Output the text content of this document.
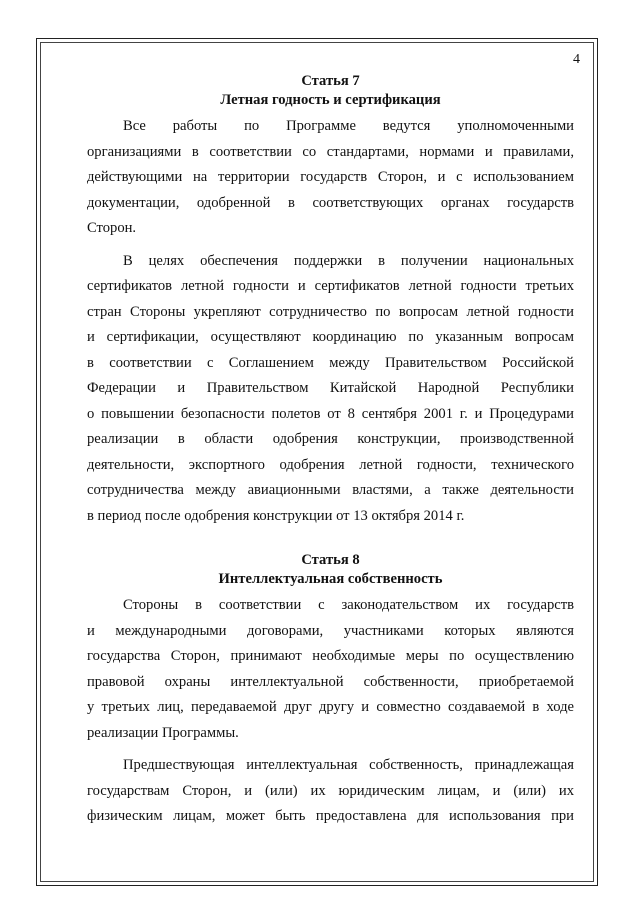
4

Статья 7

Летная годность и сертификация

Все работы по Программе ведутся уполномоченными
организациями в соответствии со стандартами, нормами и правилами,
действующими на территории государств Сторон, и с использованием
документации, одобренной в соответствующих органах государств
Сторон.
В целях обеспечения поддержки в получении национальных
сертификатов летной годности и сертификатов летной годности третьих
стран Стороны укрепляют сотрудничество по вопросам летной годности
и сертификации, осуществляют координацию по указанным вопросам
в соответствии с Соглашением между Правительством Российской
Федерации и Правительством Китайской Народной Республики
о повышении безопасности полетов от 8 сентября 2001 г. и Процедурами
реализации в области одобрения конструкции, производственной
деятельности, экспортного одобрения летной годности, технического
сотрудничества между авиационными властями, а также деятельности
в период после одобрения конструкции от 13 октября 2014 г.

Статья 8

Интеллектуальная собственность

Стороны в соответствии с законодательством их государств
и международными договорами, участниками которых являются
государства Сторон, принимают необходимые меры по осуществлению
правовой охраны интеллектуальной собственности, приобретаемой
у третьих лиц, передаваемой друг другу и совместно создаваемой в ходе
реализации Программы.
Предшествующая интеллектуальная собственность, принадлежащая
государствам Сторон, и (или) их юридическим лицам, и (или) их
физическим лицам, может быть предоставлена для использования при
